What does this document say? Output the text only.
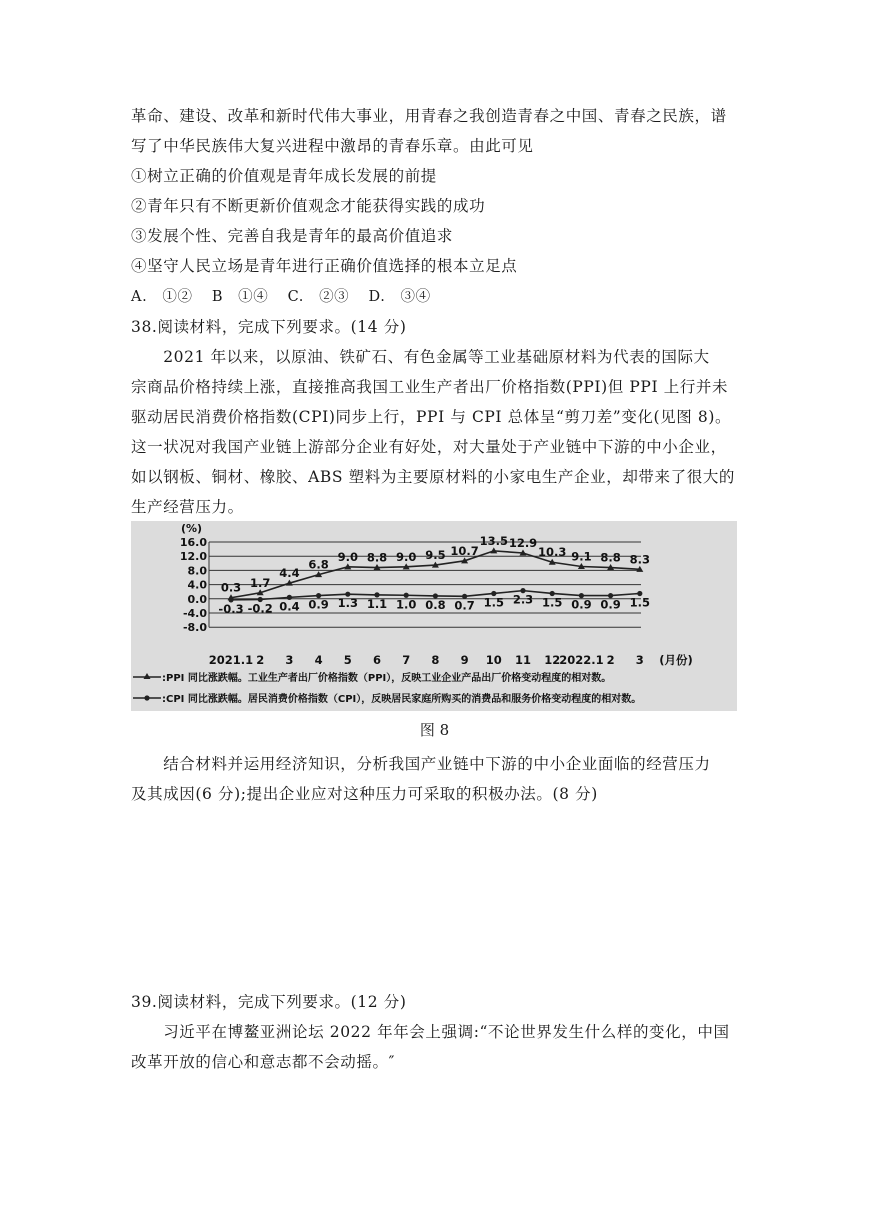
革命、建设、改革和新时代伟大事业，用青春之我创造青春之中国、青春之民族，谱
写了中华民族伟大复兴进程中激昂的青春乐章。由此可见
①树立正确的价值观是青年成长发展的前提
②青年只有不断更新价值观念才能获得实践的成功
③发展个性、完善自我是青年的最高价值追求
④坚守人民立场是青年进行正确价值选择的根本立足点
A.　①② B　①④ C.　②③ D.　③④
38.阅读材料，完成下列要求。(14 分)
　　2021 年以来，以原油、铁矿石、有色金属等工业基础原材料为代表的国际大
宗商品价格持续上涨，直接推高我国工业生产者出厂价格指数(PPI)但 PPI 上行并未
驱动居民消费价格指数(CPI)同步上行，PPI 与 CPI 总体呈“剪刀差”变化(见图 8)。
这一状况对我国产业链上游部分企业有好处，对大量处于产业链中下游的中小企业，
如以钢板、铜材、橡胶、ABS 塑料为主要原材料的小家电生产企业，却带来了很大的
生产经营压力。
(%)
16.0
12.0
8.0
4.0
0.0
-4.0
-8.0
2021.1 2 3 4 5 6 7 8 9 10 11 12
2022.1 2 3 (月份)
0.3 1.7
4.4
6.8
9.0 8.8 9.0 9.5 10.7
13.5 12.9
10.3 9.1 8.8 8.3
-0.3 -0.2 0.4 0.9 1.3 1.1 1.0 0.8 0.7 1.5 2.3 1.5 0.9 0.9 1.5
:PPI 同比涨跌幅。工业生产者出厂价格指数（PPI），反映工业企业产品出厂价格变动程度的相对数。
:CPI 同比涨跌幅。居民消费价格指数（CPI），反映居民家庭所购买的消费品和服务价格变动程度的相对数。
图 8
　　结合材料并运用经济知识，分析我国产业链中下游的中小企业面临的经营压力
及其成因(6 分);提出企业应对这种压力可采取的积极办法。(8 分)
39.阅读材料，完成下列要求。(12 分)
　　习近平在博鳌亚洲论坛 2022 年年会上强调:“不论世界发生什么样的变化，中国
改革开放的信心和意志都不会动摇。″
